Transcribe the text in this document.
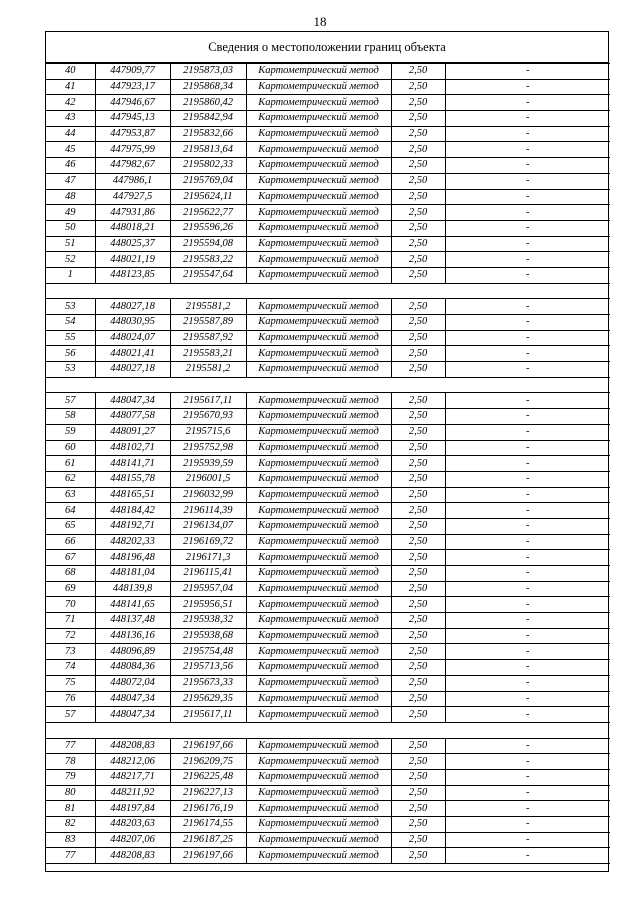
18
Сведения о местоположении границ объекта
40	447909,77	2195873,03	Картометрический метод	2,50	-
41	447923,17	2195868,34	Картометрический метод	2,50	-
42	447946,67	2195860,42	Картометрический метод	2,50	-
43	447945,13	2195842,94	Картометрический метод	2,50	-
44	447953,87	2195832,66	Картометрический метод	2,50	-
45	447975,99	2195813,64	Картометрический метод	2,50	-
46	447982,67	2195802,33	Картометрический метод	2,50	-
47	447986,1	2195769,04	Картометрический метод	2,50	-
48	447927,5	2195624,11	Картометрический метод	2,50	-
49	447931,86	2195622,77	Картометрический метод	2,50	-
50	448018,21	2195596,26	Картометрический метод	2,50	-
51	448025,37	2195594,08	Картометрический метод	2,50	-
52	448021,19	2195583,22	Картометрический метод	2,50	-
1	448123,85	2195547,64	Картометрический метод	2,50	-

53	448027,18	2195581,2	Картометрический метод	2,50	-
54	448030,95	2195587,89	Картометрический метод	2,50	-
55	448024,07	2195587,92	Картометрический метод	2,50	-
56	448021,41	2195583,21	Картометрический метод	2,50	-
53	448027,18	2195581,2	Картометрический метод	2,50	-

57	448047,34	2195617,11	Картометрический метод	2,50	-
58	448077,58	2195670,93	Картометрический метод	2,50	-
59	448091,27	2195715,6	Картометрический метод	2,50	-
60	448102,71	2195752,98	Картометрический метод	2,50	-
61	448141,71	2195939,59	Картометрический метод	2,50	-
62	448155,78	2196001,5	Картометрический метод	2,50	-
63	448165,51	2196032,99	Картометрический метод	2,50	-
64	448184,42	2196114,39	Картометрический метод	2,50	-
65	448192,71	2196134,07	Картометрический метод	2,50	-
66	448202,33	2196169,72	Картометрический метод	2,50	-
67	448196,48	2196171,3	Картометрический метод	2,50	-
68	448181,04	2196115,41	Картометрический метод	2,50	-
69	448139,8	2195957,04	Картометрический метод	2,50	-
70	448141,65	2195956,51	Картометрический метод	2,50	-
71	448137,48	2195938,32	Картометрический метод	2,50	-
72	448136,16	2195938,68	Картометрический метод	2,50	-
73	448096,89	2195754,48	Картометрический метод	2,50	-
74	448084,36	2195713,56	Картометрический метод	2,50	-
75	448072,04	2195673,33	Картометрический метод	2,50	-
76	448047,34	2195629,35	Картометрический метод	2,50	-
57	448047,34	2195617,11	Картометрический метод	2,50	-

77	448208,83	2196197,66	Картометрический метод	2,50	-
78	448212,06	2196209,75	Картометрический метод	2,50	-
79	448217,71	2196225,48	Картометрический метод	2,50	-
80	448211,92	2196227,13	Картометрический метод	2,50	-
81	448197,84	2196176,19	Картометрический метод	2,50	-
82	448203,63	2196174,55	Картометрический метод	2,50	-
83	448207,06	2196187,25	Картометрический метод	2,50	-
77	448208,83	2196197,66	Картометрический метод	2,50	-
